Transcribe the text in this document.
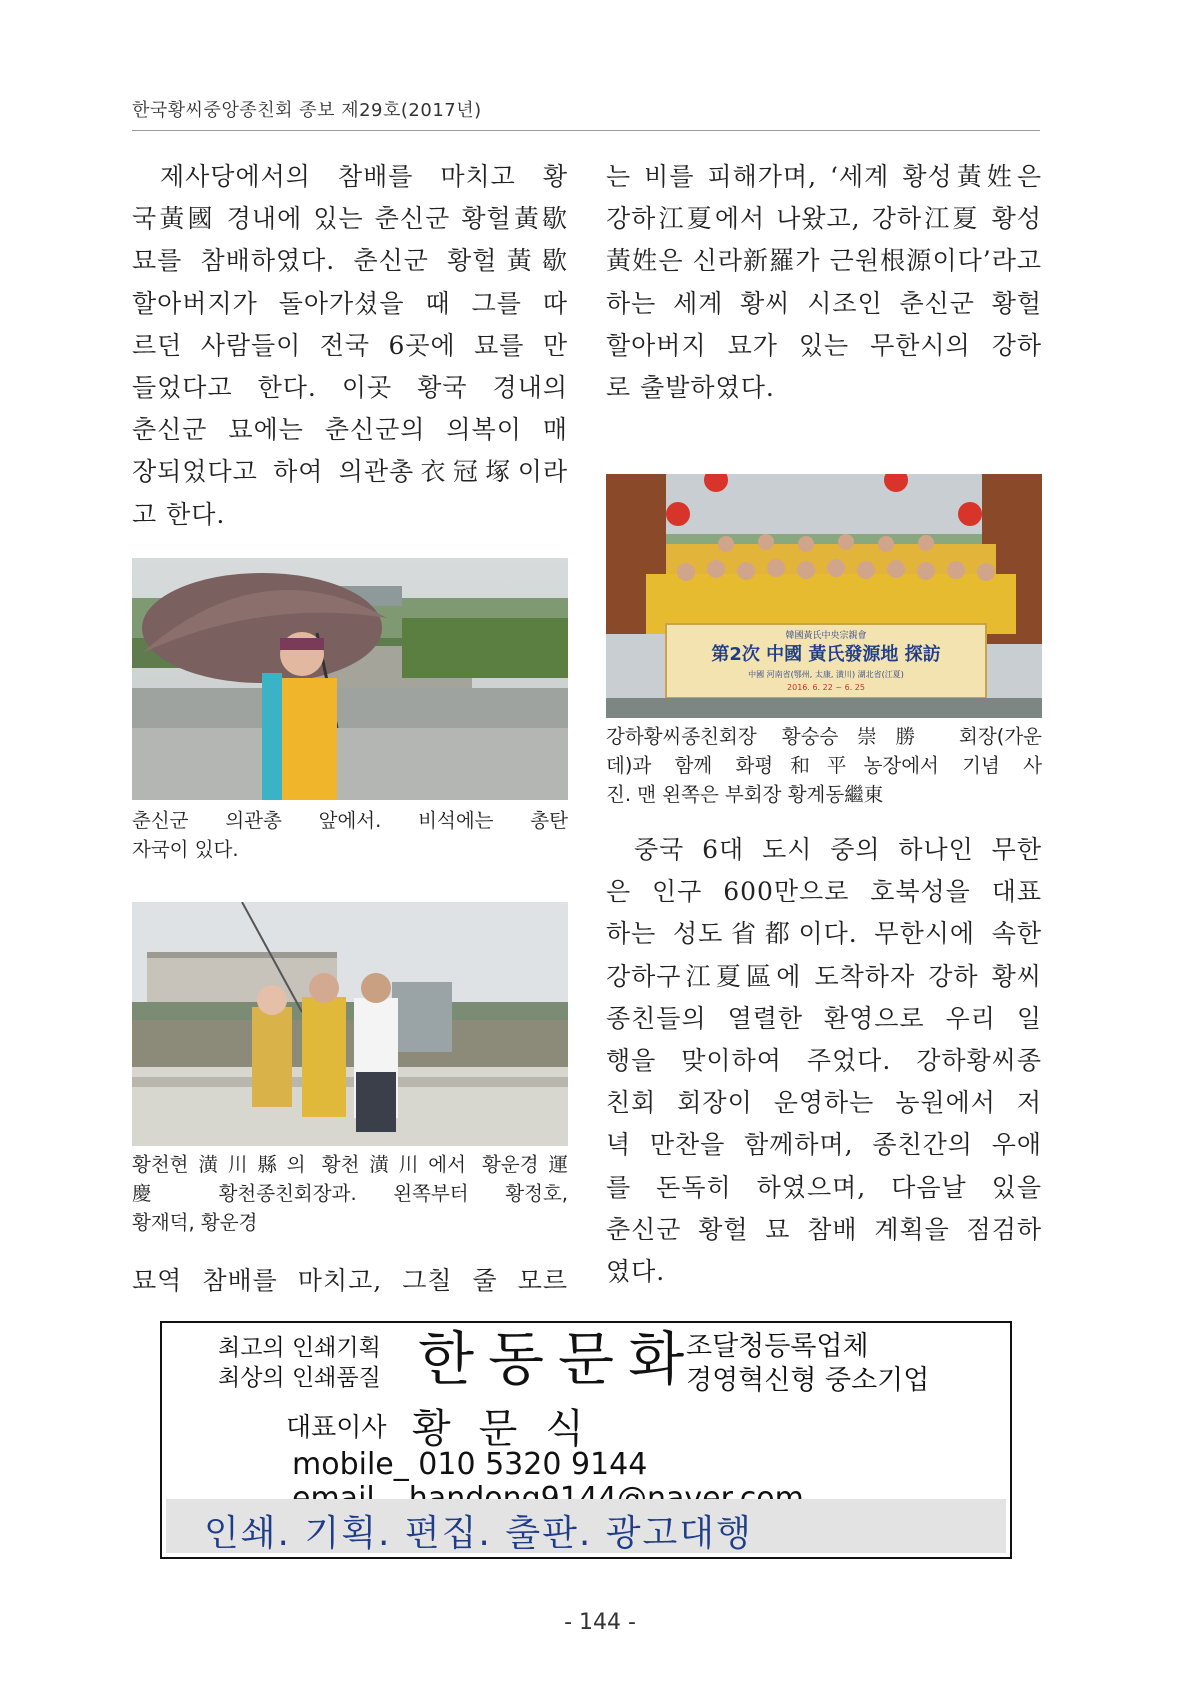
한국황씨중앙종친회 종보 제29호(2017년)

제사당에서의 참배를 마치고 황
국黃國 경내에 있는 춘신군 황헐黃歇
묘를 참배하였다. 춘신군 황헐黃歇
할아버지가 돌아가셨을 때 그를 따
르던 사람들이 전국 6곳에 묘를 만
들었다고 한다. 이곳 황국 경내의
춘신군 묘에는 춘신군의 의복이 매
장되었다고 하여 의관총衣冠塚이라
고 한다.

춘신군 의관총 앞에서. 비석에는 총탄
자국이 있다.
황천현潢川縣의 황천潢川에서 황운경運
慶 황천종친회장과. 왼쪽부터 황정호,
황재덕, 황운경

묘역 참배를 마치고, 그칠 줄 모르

는 비를 피해가며, ‘세계 황성黃姓은
강하江夏에서 나왔고, 강하江夏 황성
黃姓은 신라新羅가 근원根源이다’라고
하는 세계 황씨 시조인 춘신군 황헐
할아버지 묘가 있는 무한시의 강하
로 출발하였다.

韓國黃氏中央宗親會
第2次 中國 黃氏發源地 探訪
中國 河南省(鄂州, 太康, 潢川) 湖北省(江夏)
2016. 6. 22 ~ 6. 25
강하황씨종친회장 황숭승崇勝 회장(가운
데)과 함께 화평和平농장에서 기념 사
진. 맨 왼쪽은 부회장 황계동繼東

중국 6대 도시 중의 하나인 무한
은 인구 600만으로 호북성을 대표
하는 성도省都이다. 무한시에 속한
강하구江夏區에 도착하자 강하 황씨
종친들의 열렬한 환영으로 우리 일
행을 맞이하여 주었다. 강하황씨종
친회 회장이 운영하는 농원에서 저
녁 만찬을 함께하며, 종친간의 우애
를 돈독히 하였으며, 다음날 있을
춘신군 황헐 묘 참배 계획을 점검하
였다.

최고의 인쇄기획
최상의 인쇄품질 한동문화
조달청등록업체
경영혁신형 중소기업
대표이사 황문식
mobile_ 010 5320 9144
인쇄. 기획. 편집. 출판. 광고대행
- 144 -
